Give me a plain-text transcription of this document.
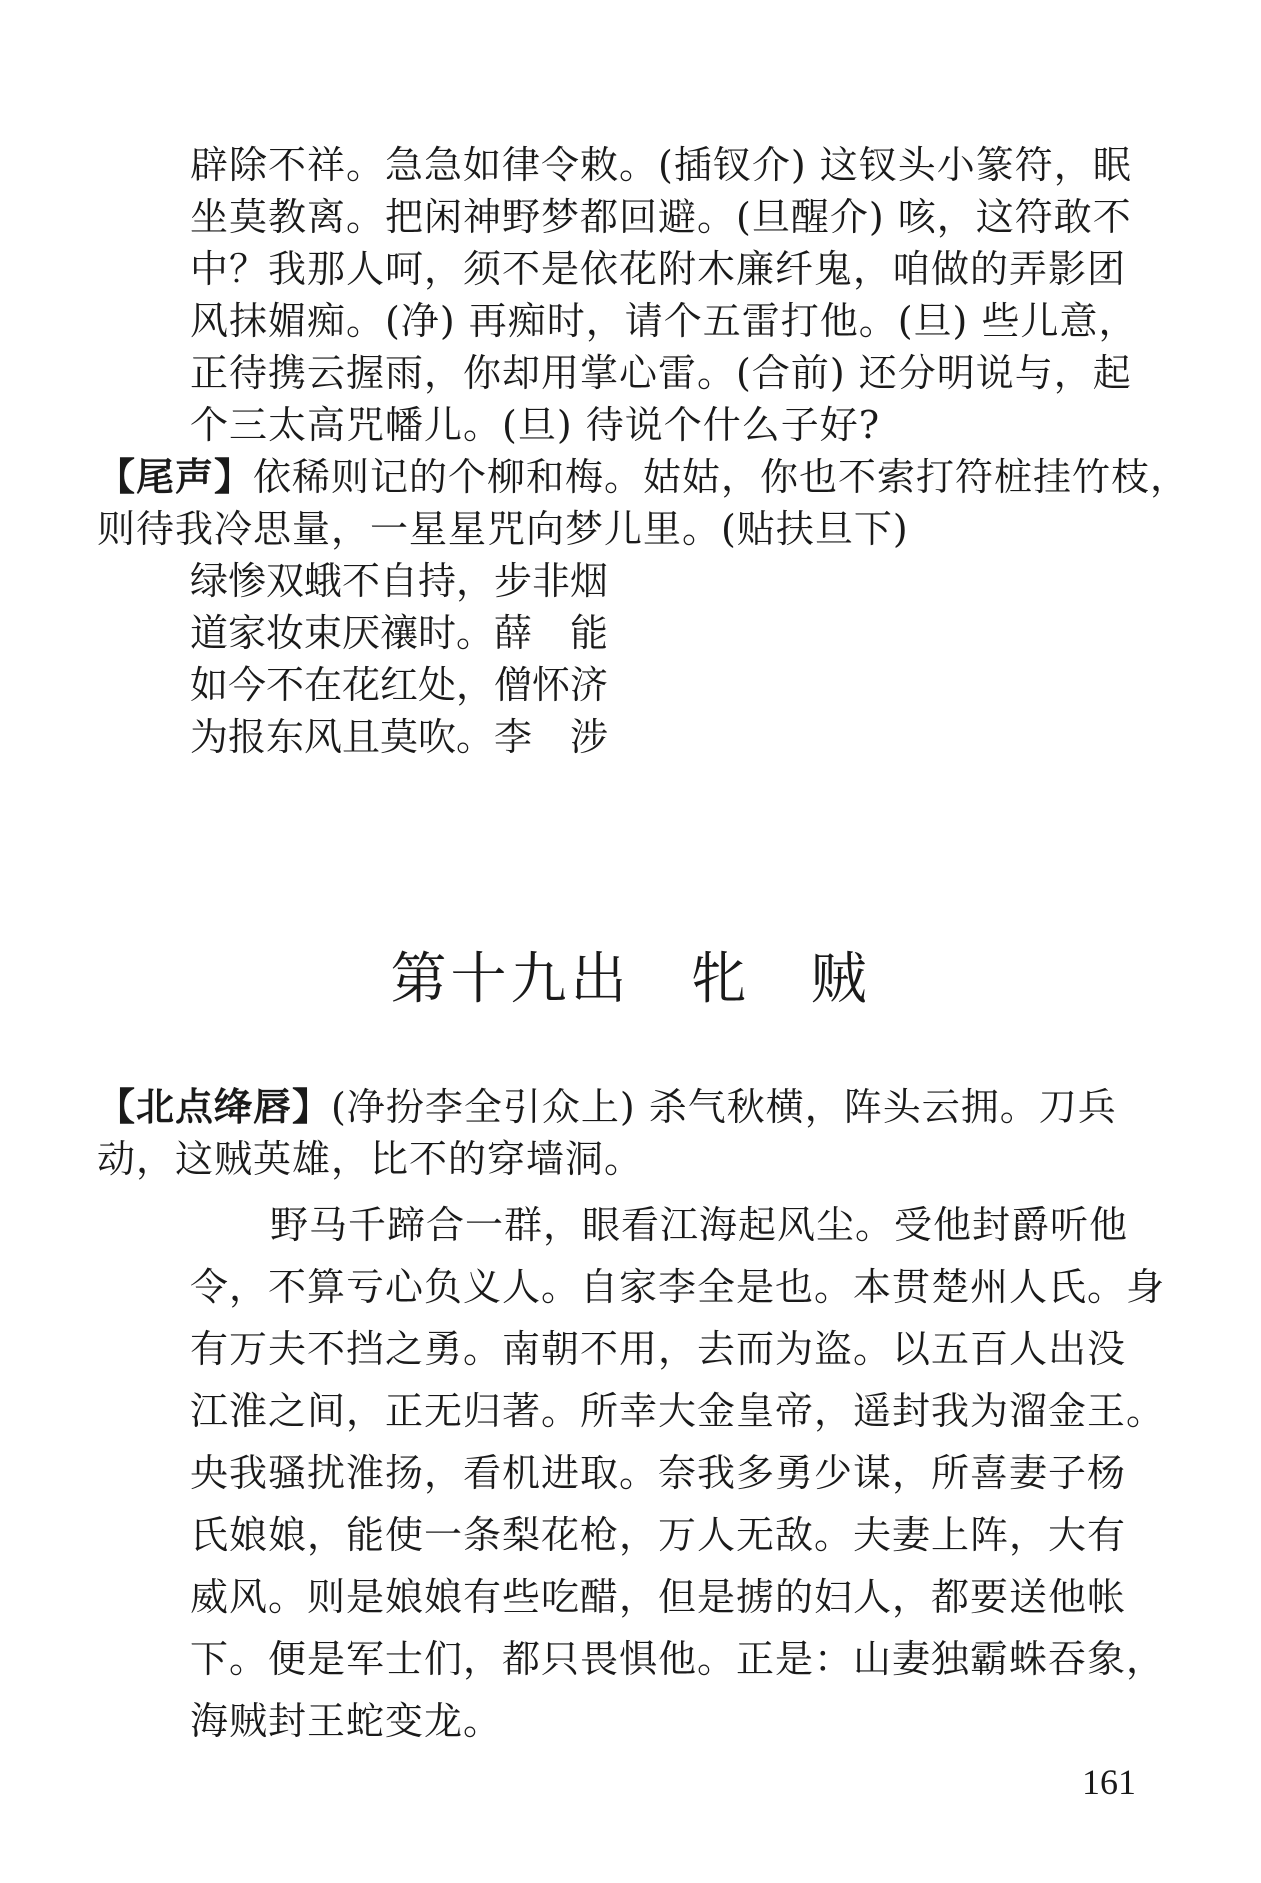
辟除不祥。急急如律令敕。(插钗介) 这钗头小篆符，眠
坐莫教离。把闲神野梦都回避。(旦醒介) 咳，这符敢不
中？我那人呵，须不是依花附木廉纤鬼，咱做的弄影团
风抹媚痴。(净) 再痴时，请个五雷打他。(旦) 些儿意，
正待携云握雨，你却用掌心雷。(合前) 还分明说与，起
个三太高咒幡儿。(旦) 待说个什么子好?
【尾声】依稀则记的个柳和梅。姑姑，你也不索打符桩挂竹枝，
则待我冷思量，一星星咒向梦儿里。(贴扶旦下)
绿惨双蛾不自持，步非烟
道家妆束厌禳时。薛　能
如今不在花红处，僧怀济
为报东风且莫吹。李　涉
第十九出　牝　贼
【北点绛唇】(净扮李全引众上) 杀气秋横，阵头云拥。刀兵
动，这贼英雄，比不的穿墙洞。
野马千蹄合一群，眼看江海起风尘。受他封爵听他
令，不算亏心负义人。自家李全是也。本贯楚州人氏。身
有万夫不挡之勇。南朝不用，去而为盗。以五百人出没
江淮之间，正无归著。所幸大金皇帝，遥封我为溜金王。
央我骚扰淮扬，看机进取。奈我多勇少谋，所喜妻子杨
氏娘娘，能使一条梨花枪，万人无敌。夫妻上阵，大有
威风。则是娘娘有些吃醋，但是掳的妇人，都要送他帐
下。便是军士们，都只畏惧他。正是：山妻独霸蛛吞象，
海贼封王蛇变龙。
161
